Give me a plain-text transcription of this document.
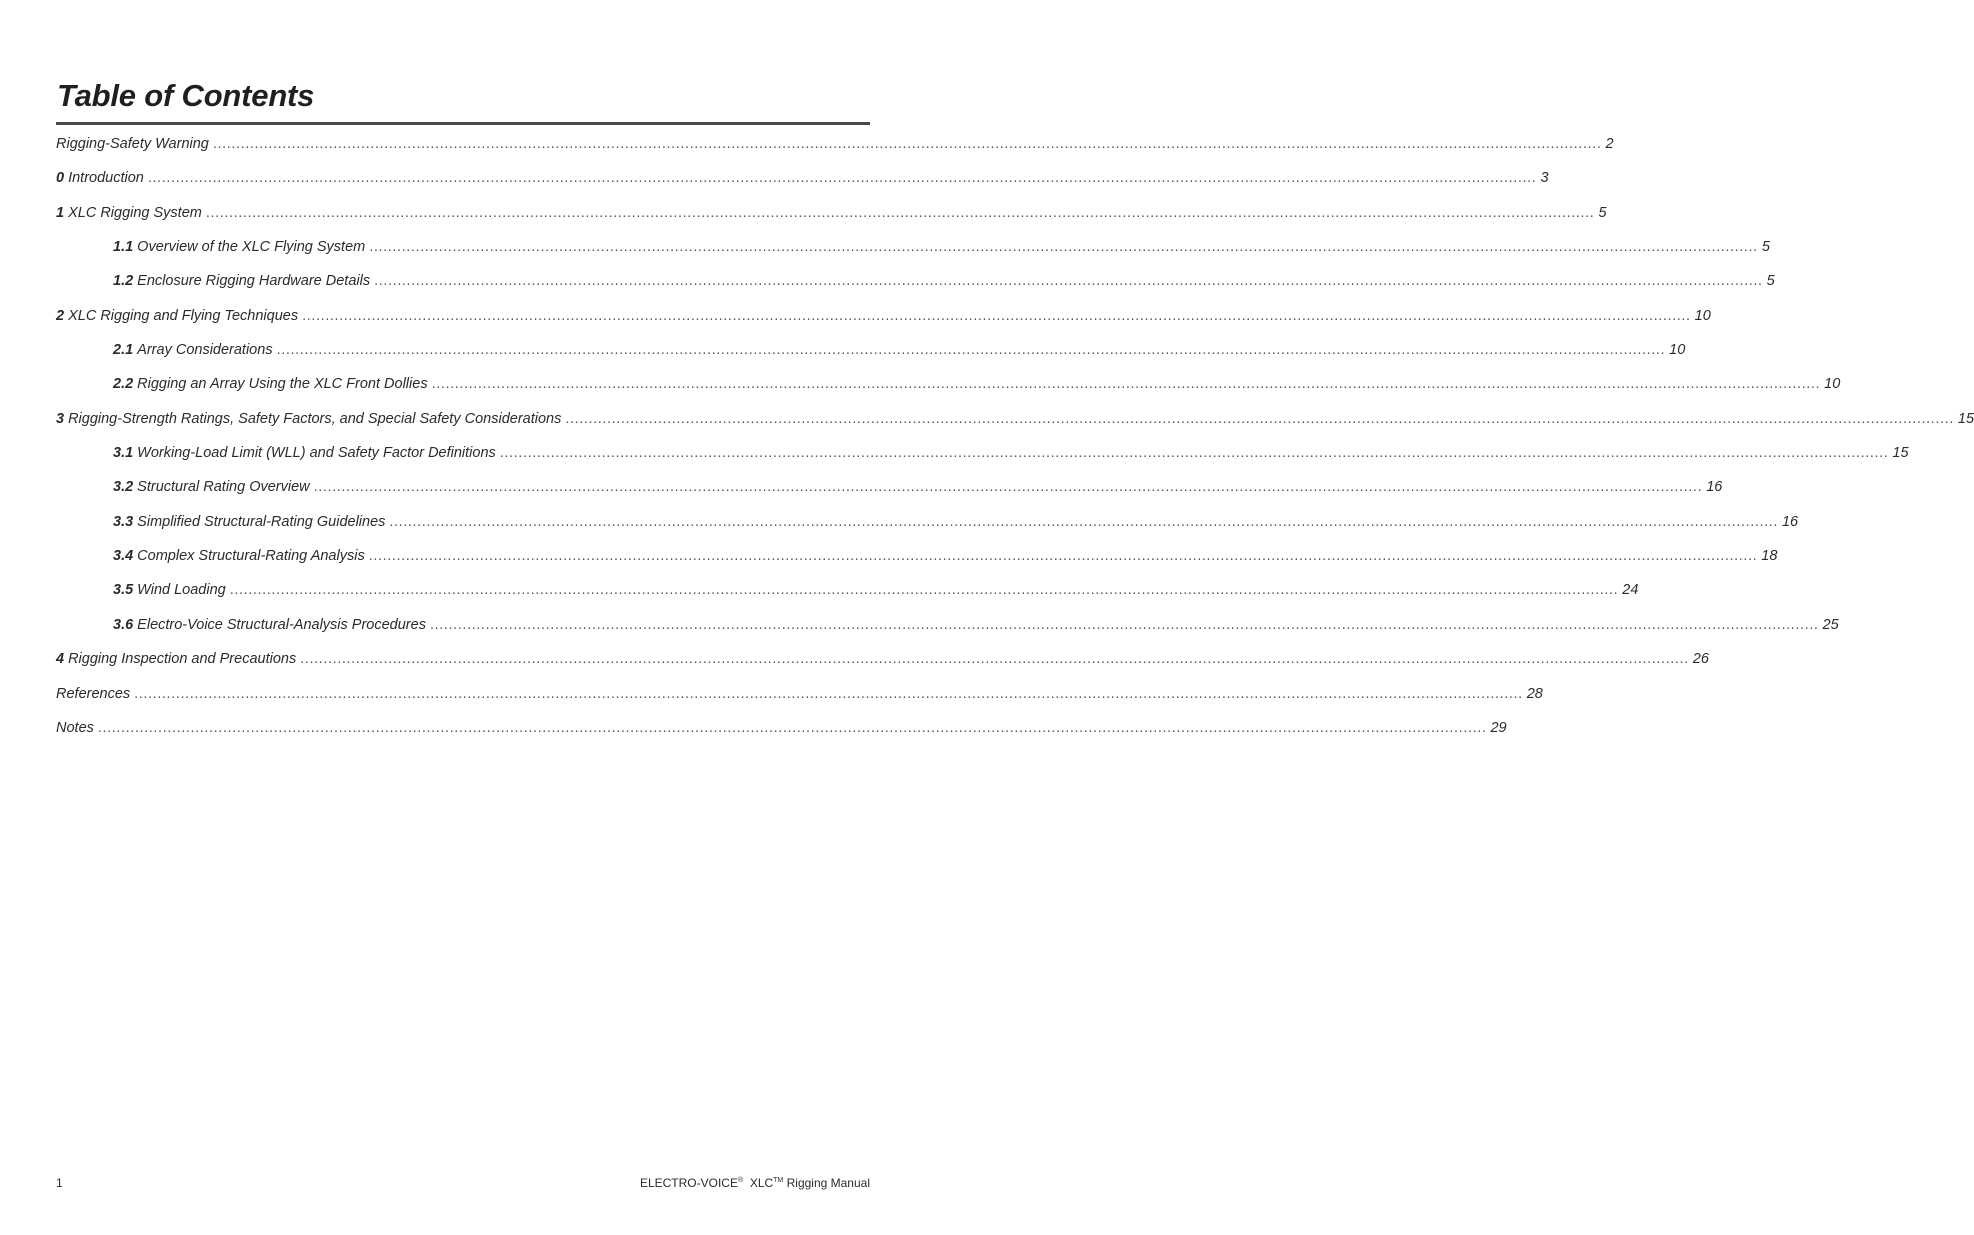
Table of Contents
Rigging-Safety Warning ............................................................................................................................................................................................................................................................................................................ 2
0 Introduction ............................................................................................................................................................................................................................................................................................................ 3
1 XLC Rigging System ............................................................................................................................................................................................................................................................................................................ 5
1.1 Overview of the XLC Flying System ............................................................................................................................................................................................................................................................................................................ 5
1.2 Enclosure Rigging Hardware Details ............................................................................................................................................................................................................................................................................................................ 5
2 XLC Rigging and Flying Techniques ............................................................................................................................................................................................................................................................................................................ 10
2.1 Array Considerations ............................................................................................................................................................................................................................................................................................................ 10
2.2 Rigging an Array Using the XLC Front Dollies ............................................................................................................................................................................................................................................................................................................ 10
3 Rigging-Strength Ratings, Safety Factors, and Special Safety Considerations ............................................................................................................................................................................................................................................................................................................ 15
3.1 Working-Load Limit (WLL) and Safety Factor Definitions ............................................................................................................................................................................................................................................................................................................ 15
3.2 Structural Rating Overview ............................................................................................................................................................................................................................................................................................................ 16
3.3 Simplified Structural-Rating Guidelines ............................................................................................................................................................................................................................................................................................................ 16
3.4 Complex Structural-Rating Analysis ............................................................................................................................................................................................................................................................................................................ 18
3.5 Wind Loading ............................................................................................................................................................................................................................................................................................................ 24
3.6 Electro-Voice Structural-Analysis Procedures ............................................................................................................................................................................................................................................................................................................ 25
4 Rigging Inspection and Precautions ............................................................................................................................................................................................................................................................................................................ 26
References ............................................................................................................................................................................................................................................................................................................ 28
Notes ............................................................................................................................................................................................................................................................................................................ 29
1	ELECTRO-VOICE® XLC™ Rigging Manual
